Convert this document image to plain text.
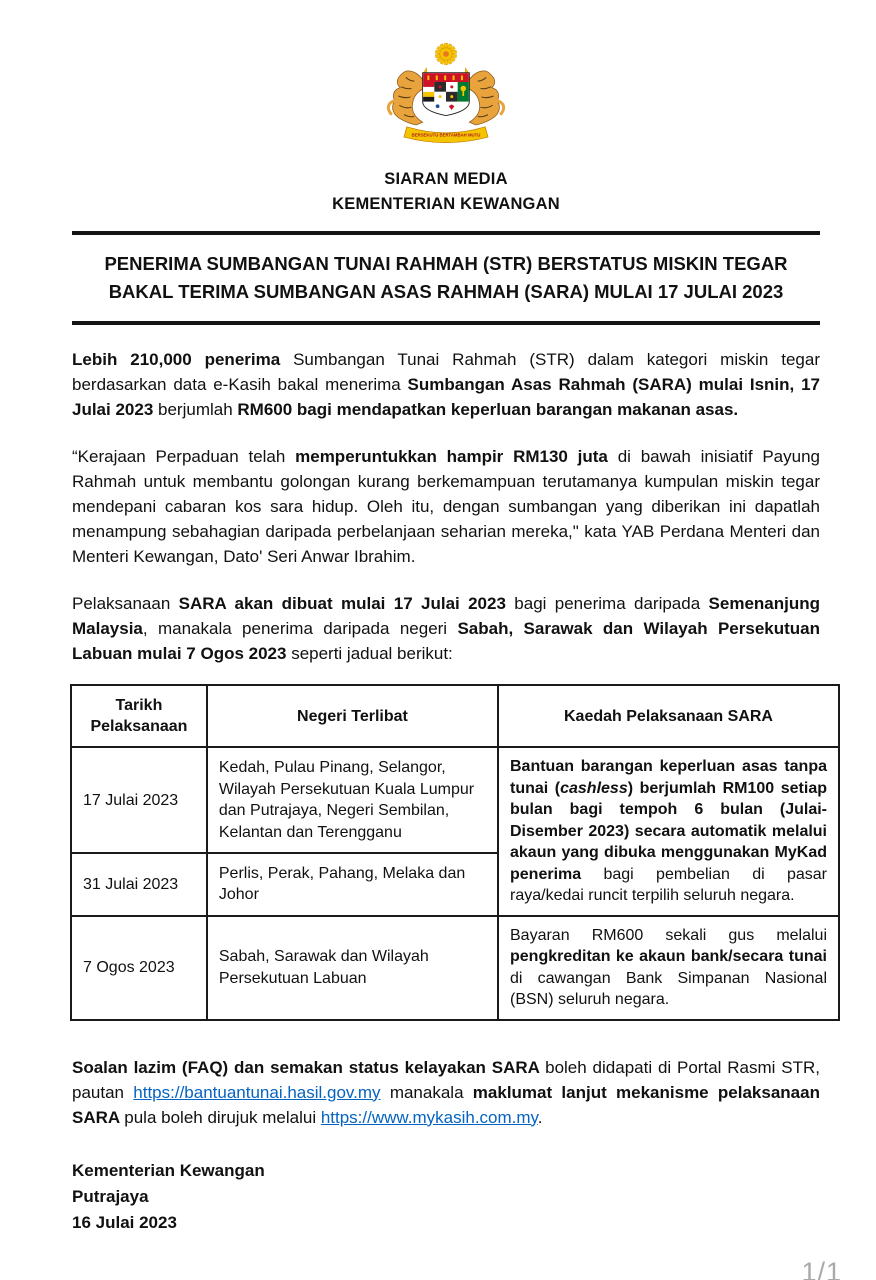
BERSEKUTU BERTAMBAH MUTU
SIARAN MEDIA
KEMENTERIAN KEWANGAN
PENERIMA SUMBANGAN TUNAI RAHMAH (STR) BERSTATUS MISKIN TEGAR
BAKAL TERIMA SUMBANGAN ASAS RAHMAH (SARA) MULAI 17 JULAI 2023

Lebih 210,000 penerima Sumbangan Tunai Rahmah (STR) dalam kategori miskin tegar berdasarkan data e-Kasih bakal menerima Sumbangan Asas Rahmah (SARA) mulai Isnin, 17 Julai 2023 berjumlah RM600 bagi mendapatkan keperluan barangan makanan asas.

“Kerajaan Perpaduan telah memperuntukkan hampir RM130 juta di bawah inisiatif Payung Rahmah untuk membantu golongan kurang berkemampuan terutamanya kumpulan miskin tegar mendepani cabaran kos sara hidup. Oleh itu, dengan sumbangan yang diberikan ini dapatlah menampung sebahagian daripada perbelanjaan seharian mereka," kata YAB Perdana Menteri dan Menteri Kewangan, Dato' Seri Anwar Ibrahim.

Pelaksanaan SARA akan dibuat mulai 17 Julai 2023 bagi penerima daripada Semenanjung Malaysia, manakala penerima daripada negeri Sabah, Sarawak dan Wilayah Persekutuan Labuan mulai 7 Ogos 2023 seperti jadual berikut:

Tarikh Pelaksanaan	Negeri Terlibat	Kaedah Pelaksanaan SARA
17 Julai 2023	Kedah, Pulau Pinang, Selangor, Wilayah Persekutuan Kuala Lumpur dan Putrajaya, Negeri Sembilan, Kelantan dan Terengganu	Bantuan barangan keperluan asas tanpa tunai (cashless) berjumlah RM100 setiap bulan bagi tempoh 6 bulan (Julai-Disember 2023) secara automatik melalui akaun yang dibuka menggunakan MyKad penerima bagi pembelian di pasar raya/kedai runcit terpilih seluruh negara.
31 Julai 2023	Perlis, Perak, Pahang, Melaka dan Johor	
7 Ogos 2023	Sabah, Sarawak dan Wilayah Persekutuan Labuan	Bayaran RM600 sekali gus melalui pengkreditan ke akaun bank/secara tunai di cawangan Bank Simpanan Nasional (BSN) seluruh negara.

Soalan lazim (FAQ) dan semakan status kelayakan SARA boleh didapati di Portal Rasmi STR, pautan https://bantuantunai.hasil.gov.my manakala maklumat lanjut mekanisme pelaksanaan SARA pula boleh dirujuk melalui https://www.mykasih.com.my.

Kementerian Kewangan
Putrajaya
16 Julai 2023
1/1
